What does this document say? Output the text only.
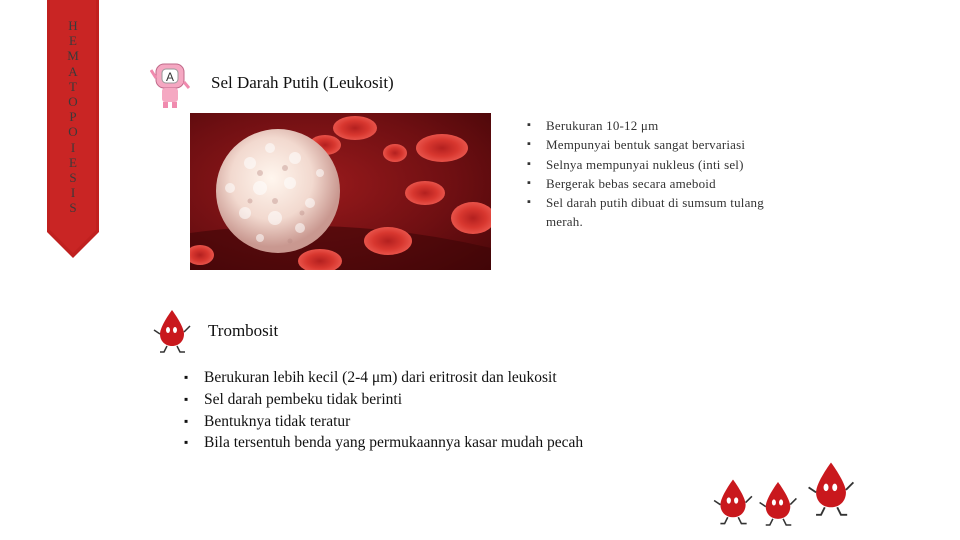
H
E
M
A
T
O
P
O
I
E
S
I
S
A Sel Darah Putih (Leukosit)
▪ Berukuran 10-12 μm
▪ Mempunyai bentuk sangat bervariasi
▪ Selnya mempunyai nukleus (inti sel)
▪ Bergerak bebas secara ameboid
▪ Sel darah putih dibuat di sumsum tulang merah.
Trombosit
▪ Berukuran lebih kecil (2-4 μm) dari eritrosit dan leukosit
▪ Sel darah pembeku tidak berinti
▪ Bentuknya tidak teratur
▪ Bila tersentuh benda yang permukaannya kasar mudah pecah
